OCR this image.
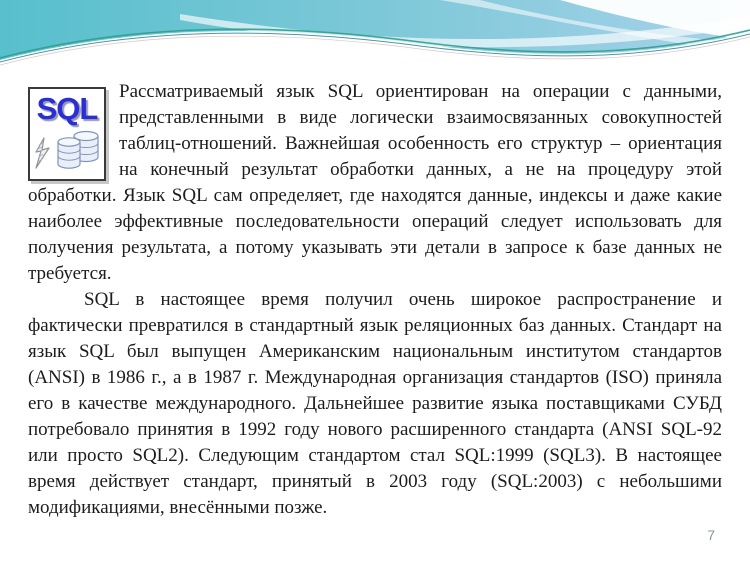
SQL Рассматриваемый язык SQL ориентирован на операции с данными, представленными в виде логически взаимосвязанных совокупностей таблиц-отношений. Важнейшая особенность его структур – ориентация на конечный результат обработки данных, а не на процедуру этой обработки. Язык SQL сам определяет, где находятся данные, индексы и даже какие наиболее эффективные последовательности операций следует использовать для получения результата, а потому указывать эти детали в запросе к базе данных не требуется.

SQL в настоящее время получил очень широкое распространение и фактически превратился в стандартный язык реляционных баз данных. Стандарт на язык SQL был выпущен Американским национальным институтом стандартов (ANSI) в 1986 г., а в 1987 г. Международная организация стандартов (ISO) приняла его в качестве международного. Дальнейшее развитие языка поставщиками СУБД потребовало принятия в 1992 году нового расширенного стандарта (ANSI SQL-92 или просто SQL2). Следующим стандартом стал SQL:1999 (SQL3). В настоящее время действует стандарт, принятый в 2003 году (SQL:2003) с небольшими модификациями, внесёнными позже.

7
